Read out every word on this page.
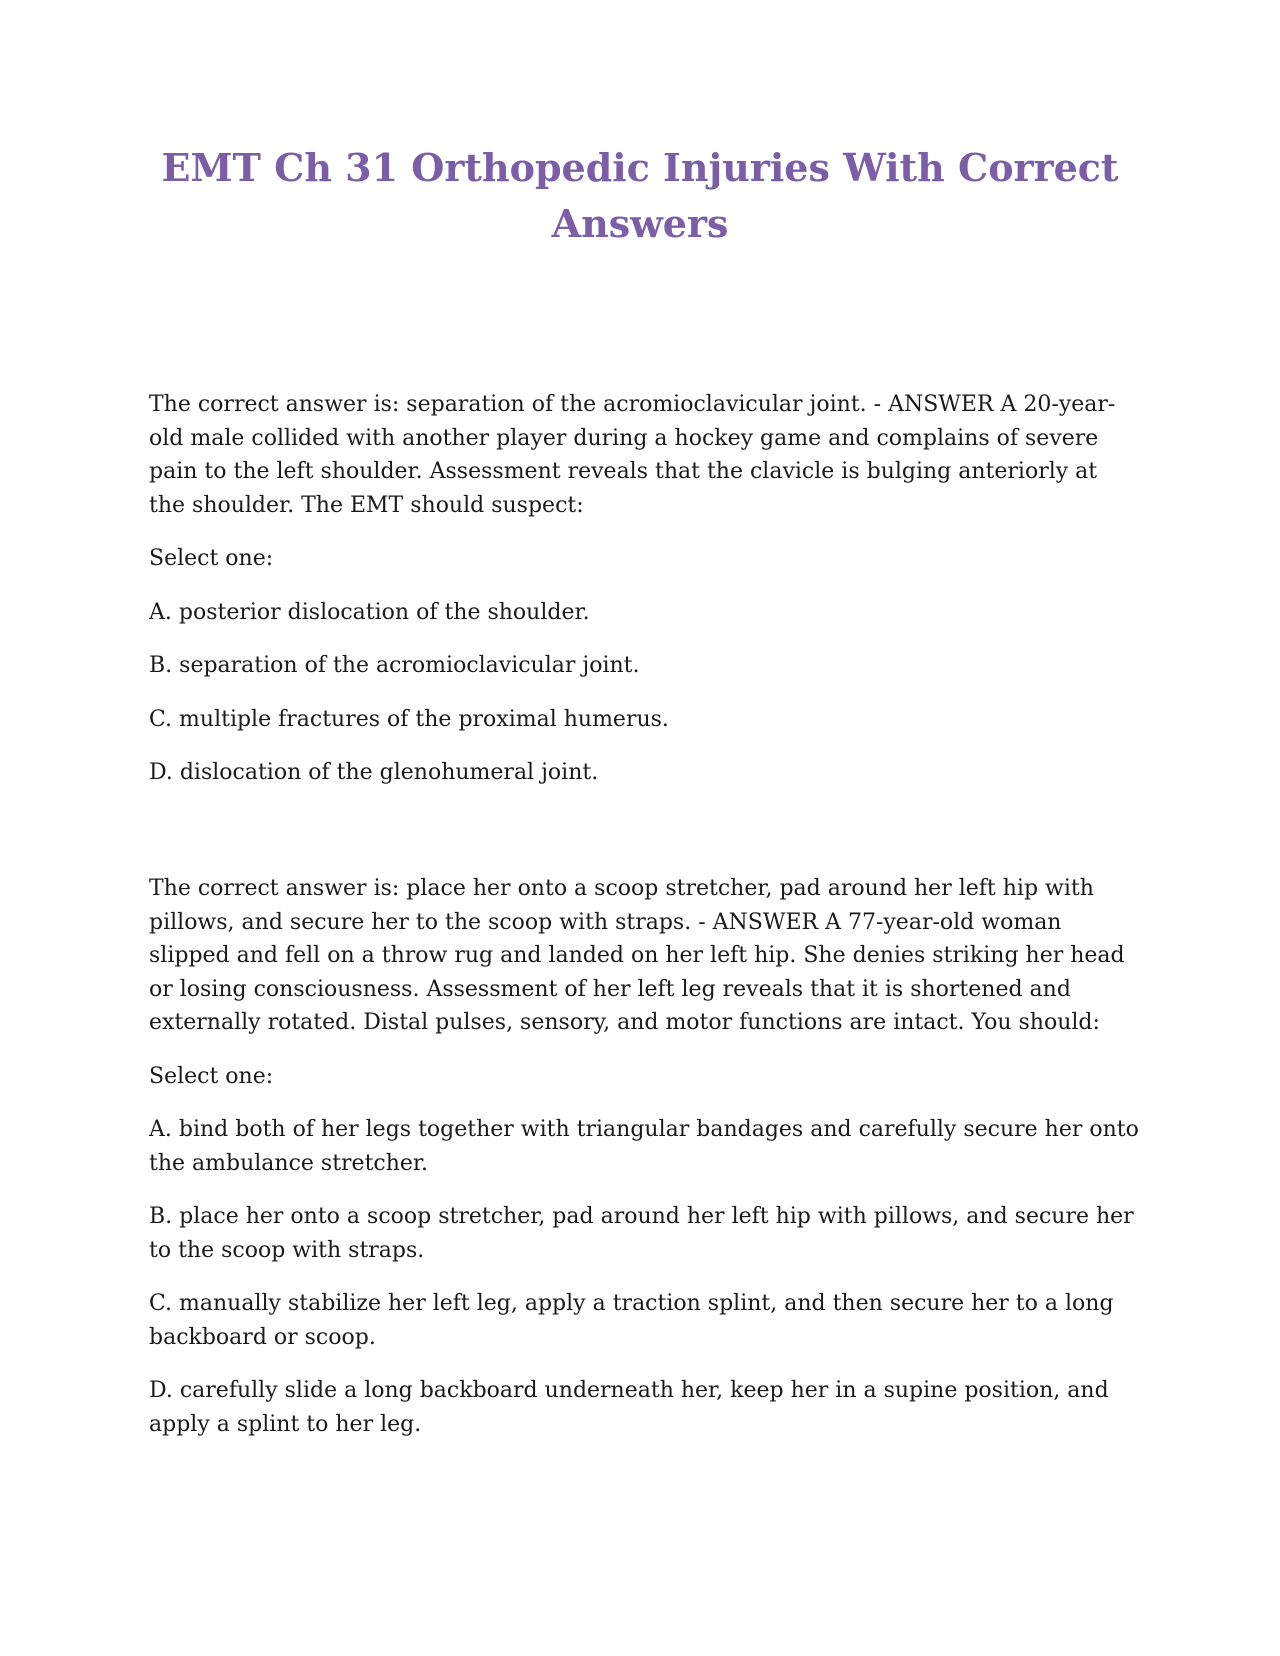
EMT Ch 31 Orthopedic Injuries With Correct Answers

The correct answer is: separation of the acromioclavicular joint. - ANSWER A 20-year-old male collided with another player during a hockey game and complains of severe pain to the left shoulder. Assessment reveals that the clavicle is bulging anteriorly at the shoulder. The EMT should suspect:

Select one:

A. posterior dislocation of the shoulder.

B. separation of the acromioclavicular joint.

C. multiple fractures of the proximal humerus.

D. dislocation of the glenohumeral joint.

The correct answer is: place her onto a scoop stretcher, pad around her left hip with pillows, and secure her to the scoop with straps. - ANSWER A 77-year-old woman slipped and fell on a throw rug and landed on her left hip. She denies striking her head or losing consciousness. Assessment of her left leg reveals that it is shortened and externally rotated. Distal pulses, sensory, and motor functions are intact. You should:

Select one:

A. bind both of her legs together with triangular bandages and carefully secure her onto the ambulance stretcher.

B. place her onto a scoop stretcher, pad around her left hip with pillows, and secure her to the scoop with straps.

C. manually stabilize her left leg, apply a traction splint, and then secure her to a long backboard or scoop.

D. carefully slide a long backboard underneath her, keep her in a supine position, and apply a splint to her leg.
